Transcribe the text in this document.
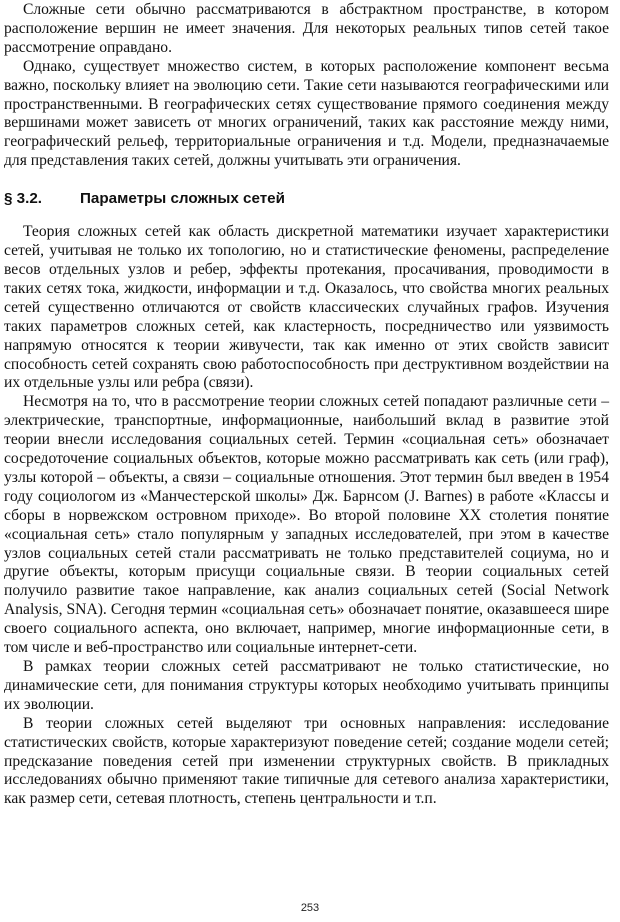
Сложные сети обычно рассматриваются в абстрактном пространстве, в котором расположение вершин не имеет значения. Для некоторых реальных типов сетей такое рассмотрение оправдано.

Однако, существует множество систем, в которых расположение компонент весьма важно, поскольку влияет на эволюцию сети. Такие сети называются географическими или пространственными. В географических сетях существование прямого соединения между вершинами может зависеть от многих ограничений, таких как расстояние между ними, географический рельеф, территориальные ограничения и т.д. Модели, предназначаемые для представления таких сетей, должны учитывать эти ограничения.

§ 3.2.	Параметры сложных сетей

Теория сложных сетей как область дискретной математики изучает характеристики сетей, учитывая не только их топологию, но и статистические феномены, распределение весов отдельных узлов и ребер, эффекты протекания, просачивания, проводимости в таких сетях тока, жидкости, информации и т.д. Оказалось, что свойства многих реальных сетей существенно отличаются от свойств классических случайных графов. Изучения таких параметров сложных сетей, как кластерность, посредничество или уязвимость напрямую относятся к теории живучести, так как именно от этих свойств зависит способность сетей сохранять свою работоспособность при деструктивном воздействии на их отдельные узлы или ребра (связи).

Несмотря на то, что в рассмотрение теории сложных сетей попадают различные сети – электрические, транспортные, информационные, наибольший вклад в развитие этой теории внесли исследования социальных сетей. Термин «социальная сеть» обозначает сосредоточение социальных объектов, которые можно рассматривать как сеть (или граф), узлы которой – объекты, а связи – социальные отношения. Этот термин был введен в 1954 году социологом из «Манчестерской школы» Дж. Барнсом (J. Barnes) в работе «Классы и сборы в норвежском островном приходе». Во второй половине XX столетия понятие «социальная сеть» стало популярным у западных исследователей, при этом в качестве узлов социальных сетей стали рассматривать не только представителей социума, но и другие объекты, которым присущи социальные связи. В теории социальных сетей получило развитие такое направление, как анализ социальных сетей (Social Network Analysis, SNA). Сегодня термин «социальная сеть» обозначает понятие, оказавшееся шире своего социального аспекта, оно включает, например, многие информационные сети, в том числе и веб-пространство или социальные интернет-сети.

В рамках теории сложных сетей рассматривают не только статистические, но динамические сети, для понимания структуры которых необходимо учитывать принципы их эволюции.

В теории сложных сетей выделяют три основных направления: исследование статистических свойств, которые характеризуют поведение сетей; создание модели сетей; предсказание поведения сетей при изменении структурных свойств. В прикладных исследованиях обычно применяют такие типичные для сетевого анализа характеристики, как размер сети, сетевая плотность, степень центральности и т.п.

253
